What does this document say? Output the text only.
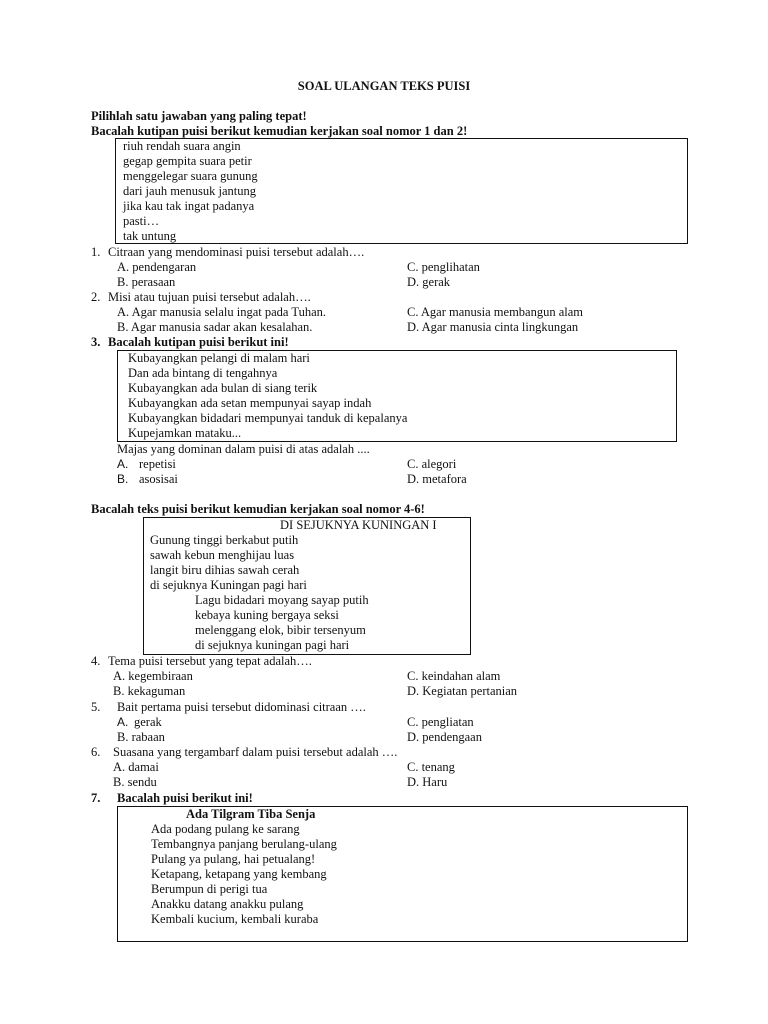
SOAL ULANGAN TEKS PUISI
Pilihlah satu jawaban yang paling tepat!
Bacalah kutipan puisi berikut kemudian kerjakan soal nomor 1 dan 2!
riuh rendah suara angin
gegap gempita suara petir
menggelegar suara gunung
dari jauh menusuk jantung
jika kau tak ingat padanya
pasti…
tak untung
1. Citraan yang mendominasi puisi tersebut adalah….
A. pendengaran	C. penglihatan
B. perasaan	D. gerak
2. Misi atau tujuan puisi tersebut adalah….
A. Agar manusia selalu ingat pada Tuhan.	C. Agar manusia membangun alam
B. Agar manusia sadar akan kesalahan.	D. Agar manusia cinta lingkungan
3. Bacalah kutipan puisi berikut ini!
Kubayangkan pelangi di malam hari
Dan ada bintang di tengahnya
Kubayangkan ada bulan di siang terik
Kubayangkan ada setan mempunyai sayap indah
Kubayangkan bidadari mempunyai tanduk di kepalanya
Kupejamkan mataku...
Majas yang dominan dalam puisi di atas adalah ....
A. repetisi	C. alegori
B. asosisai	D. metafora
Bacalah teks puisi berikut kemudian kerjakan soal nomor 4-6!
DI SEJUKNYA KUNINGAN I
Gunung tinggi berkabut putih
sawah kebun menghijau luas
langit biru dihias sawah cerah
di sejuknya Kuningan pagi hari
Lagu bidadari moyang sayap putih
kebaya kuning bergaya seksi
melenggang elok, bibir tersenyum
di sejuknya kuningan pagi hari
4. Tema puisi tersebut yang tepat adalah….
A. kegembiraan	C. keindahan alam
B. kekaguman	D. Kegiatan pertanian
5. Bait pertama puisi tersebut didominasi citraan ….
A. gerak	C. pengliatan
B. rabaan	D. pendengaan
6. Suasana yang tergambarf dalam puisi tersebut adalah ….
A. damai	C. tenang
B. sendu	D. Haru
7. Bacalah puisi berikut ini!
Ada Tilgram Tiba Senja
Ada podang pulang ke sarang
Tembangnya panjang berulang-ulang
Pulang ya pulang, hai petualang!
Ketapang, ketapang yang kembang
Berumpun di perigi tua
Anakku datang anakku pulang
Kembali kucium, kembali kuraba
